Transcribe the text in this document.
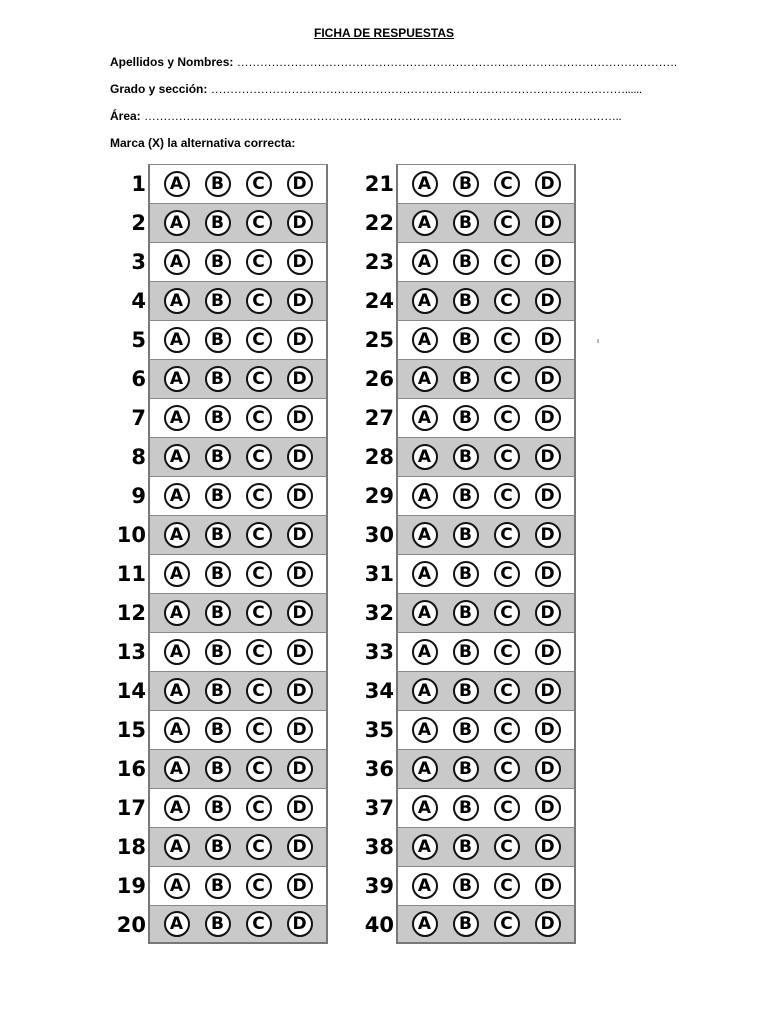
FICHA DE RESPUESTAS
Apellidos y Nombres: …………………………………………………………………………………………………….
Grado y sección: ………………………………………………………………………………………………......
Área: ……………………………………………………………………………………………………………..
Marca (X) la alternativa correcta:
1	A	B	C	D
2	A	B	C	D
3	A	B	C	D
4	A	B	C	D
5	A	B	C	D
6	A	B	C	D
7	A	B	C	D
8	A	B	C	D
9	A	B	C	D
10	A	B	C	D
11	A	B	C	D
12	A	B	C	D
13	A	B	C	D
14	A	B	C	D
15	A	B	C	D
16	A	B	C	D
17	A	B	C	D
18	A	B	C	D
19	A	B	C	D
20	A	B	C	D
21	A	B	C	D
22	A	B	C	D
23	A	B	C	D
24	A	B	C	D
25	A	B	C	D
26	A	B	C	D
27	A	B	C	D
28	A	B	C	D
29	A	B	C	D
30	A	B	C	D
31	A	B	C	D
32	A	B	C	D
33	A	B	C	D
34	A	B	C	D
35	A	B	C	D
36	A	B	C	D
37	A	B	C	D
38	A	B	C	D
39	A	B	C	D
40	A	B	C	D
